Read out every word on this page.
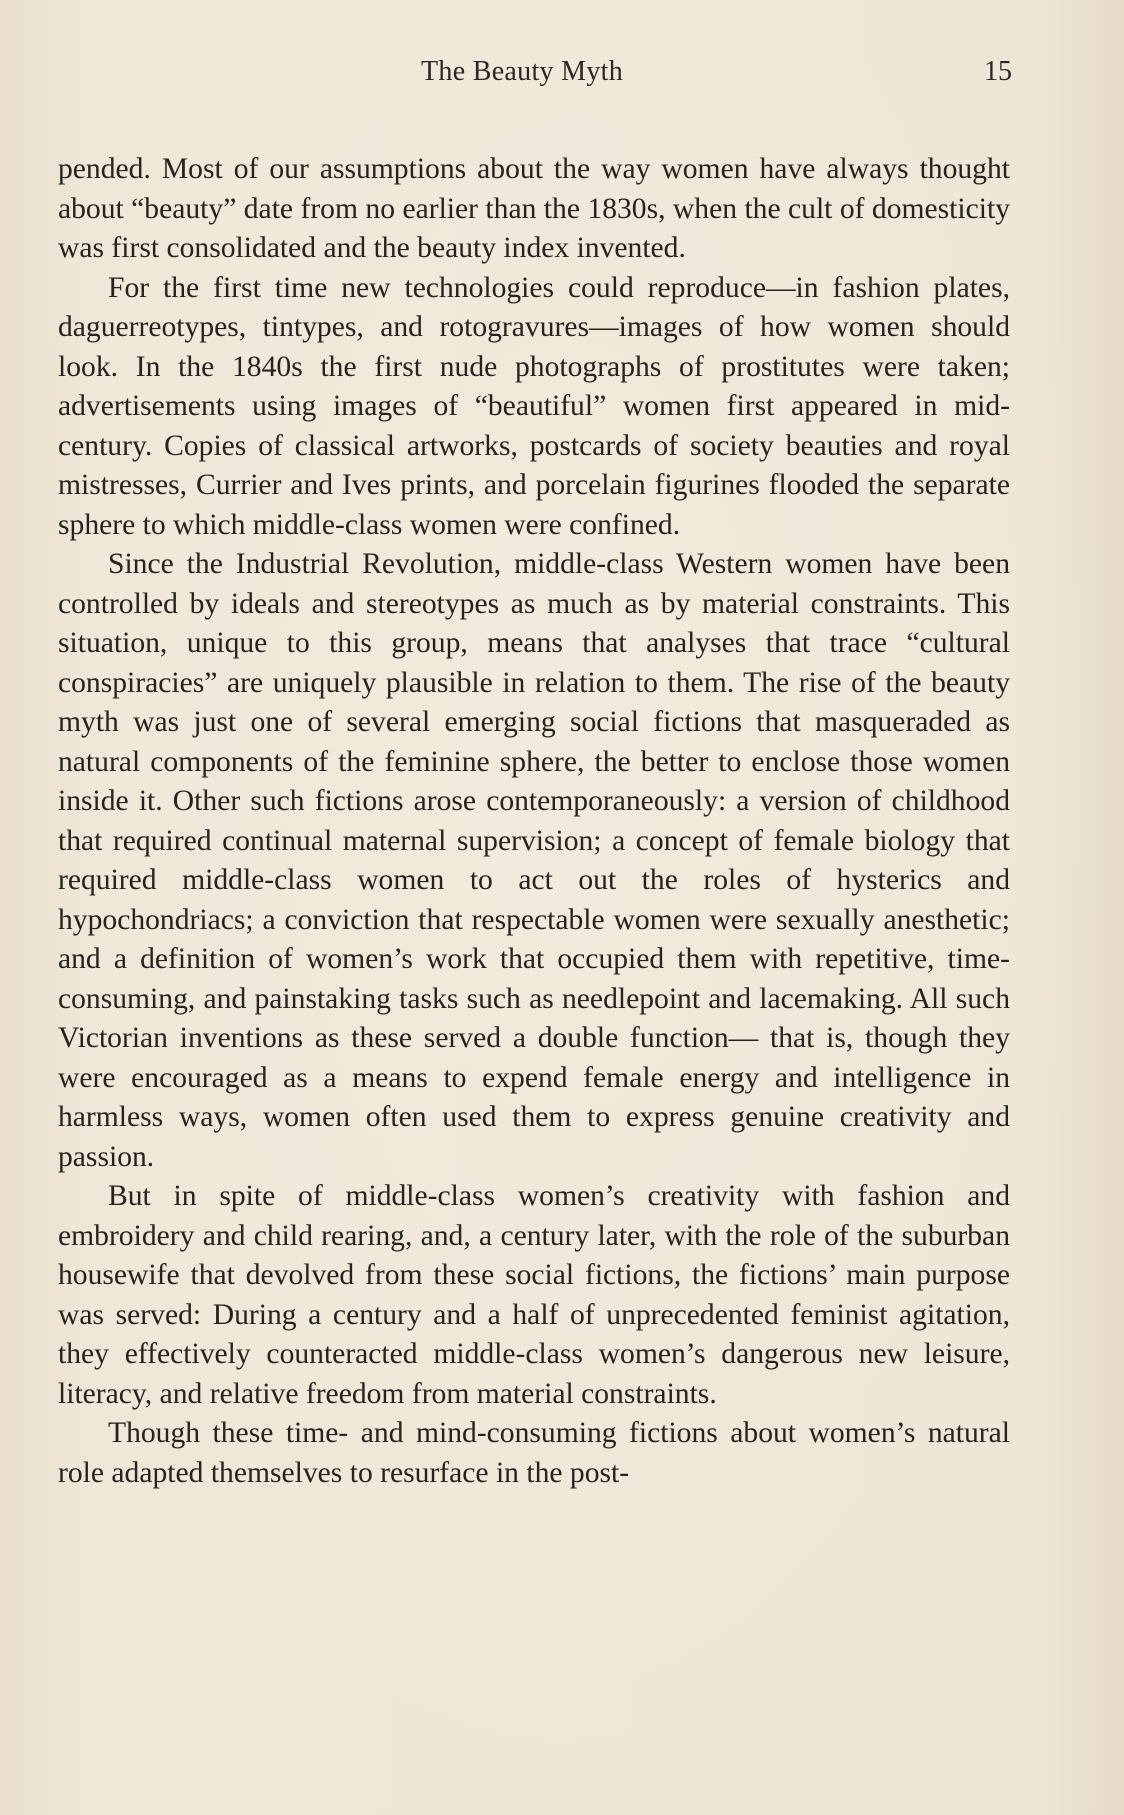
The Beauty Myth	15

pended. Most of our assumptions about the way women have always thought about “beauty” date from no earlier than the 1830s, when the cult of domesticity was first consolidated and the beauty index invented.

For the first time new technologies could reproduce—in fashion plates, daguerreotypes, tintypes, and rotogravures—images of how women should look. In the 1840s the first nude photographs of prostitutes were taken; advertisements using images of “beautiful” women first appeared in mid-century. Copies of classical artworks, postcards of society beauties and royal mistresses, Currier and Ives prints, and porcelain figurines flooded the separate sphere to which middle-class women were confined.

Since the Industrial Revolution, middle-class Western women have been controlled by ideals and stereotypes as much as by material constraints. This situation, unique to this group, means that analyses that trace “cultural conspiracies” are uniquely plausible in relation to them. The rise of the beauty myth was just one of several emerging social fictions that masqueraded as natural components of the feminine sphere, the better to enclose those women inside it. Other such fictions arose contemporaneously: a version of childhood that required continual maternal supervision; a concept of female biology that required middle-class women to act out the roles of hysterics and hypochondriacs; a conviction that respectable women were sexually anesthetic; and a definition of women’s work that occupied them with repetitive, time-consuming, and painstaking tasks such as needlepoint and lacemaking. All such Victorian inventions as these served a double function— that is, though they were encouraged as a means to expend female energy and intelligence in harmless ways, women often used them to express genuine creativity and passion.

But in spite of middle-class women’s creativity with fashion and embroidery and child rearing, and, a century later, with the role of the suburban housewife that devolved from these social fictions, the fictions’ main purpose was served: During a century and a half of unprecedented feminist agitation, they effectively counteracted middle-class women’s dangerous new leisure, literacy, and relative freedom from material constraints.

Though these time- and mind-consuming fictions about women’s natural role adapted themselves to resurface in the post-
